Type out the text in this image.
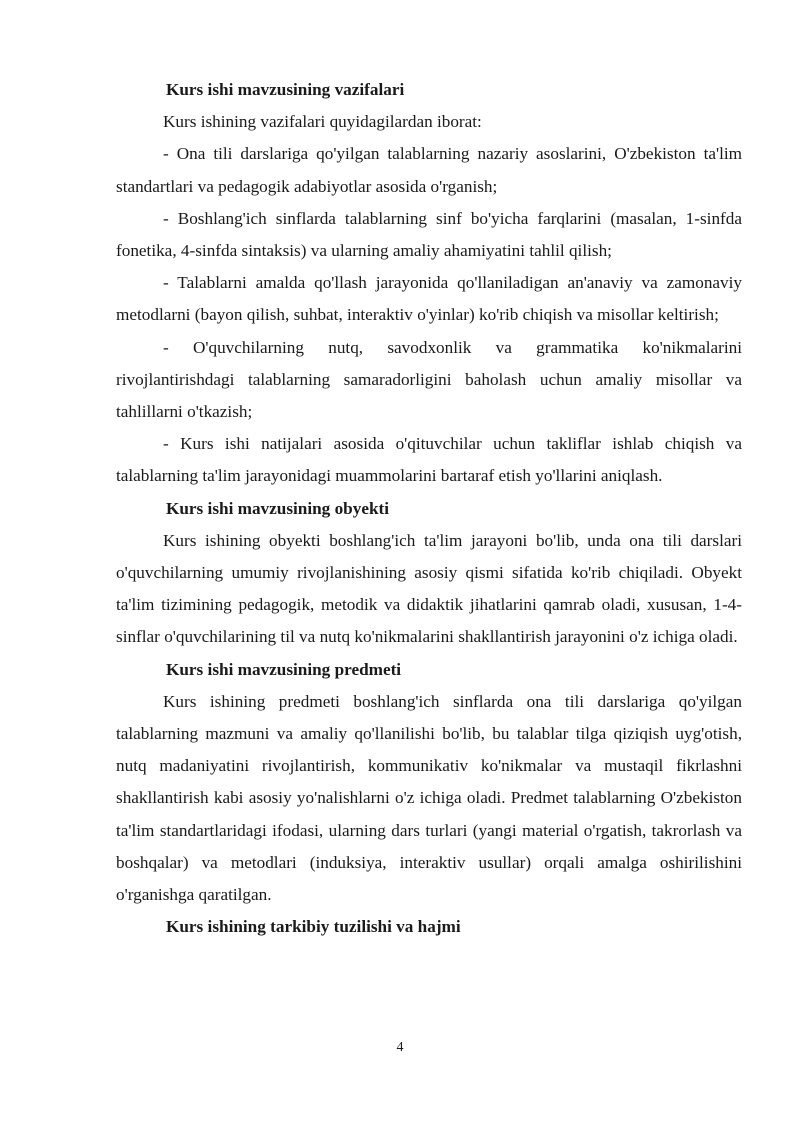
Kurs ishi mavzusining vazifalari

Kurs ishining vazifalari quyidagilardan iborat:

- Ona tili darslariga qo'yilgan talablarning nazariy asoslarini, O'zbekiston ta'lim standartlari va pedagogik adabiyotlar asosida o'rganish;

- Boshlang'ich sinflarda talablarning sinf bo'yicha farqlarini (masalan, 1-sinfda fonetika, 4-sinfda sintaksis) va ularning amaliy ahamiyatini tahlil qilish;

- Talablarni amalda qo'llash jarayonida qo'llaniladigan an'anaviy va zamonaviy metodlarni (bayon qilish, suhbat, interaktiv o'yinlar) ko'rib chiqish va misollar keltirish;

- O'quvchilarning nutq, savodxonlik va grammatika ko'nikmalarini rivojlantirishdagi talablarning samaradorligini baholash uchun amaliy misollar va tahlillarni o'tkazish;

- Kurs ishi natijalari asosida o'qituvchilar uchun takliflar ishlab chiqish va talablarning ta'lim jarayonidagi muammolarini bartaraf etish yo'llarini aniqlash.

Kurs ishi mavzusining obyekti

Kurs ishining obyekti boshlang'ich ta'lim jarayoni bo'lib, unda ona tili darslari o'quvchilarning umumiy rivojlanishining asosiy qismi sifatida ko'rib chiqiladi. Obyekt ta'lim tizimining pedagogik, metodik va didaktik jihatlarini qamrab oladi, xususan, 1-4-sinflar o'quvchilarining til va nutq ko'nikmalarini shakllantirish jarayonini o'z ichiga oladi.

Kurs ishi mavzusining predmeti

Kurs ishining predmeti boshlang'ich sinflarda ona tili darslariga qo'yilgan talablarning mazmuni va amaliy qo'llanilishi bo'lib, bu talablar tilga qiziqish uyg'otish, nutq madaniyatini rivojlantirish, kommunikativ ko'nikmalar va mustaqil fikrlashni shakllantirish kabi asosiy yo'nalishlarni o'z ichiga oladi. Predmet talablarning O'zbekiston ta'lim standartlaridagi ifodasi, ularning dars turlari (yangi material o'rgatish, takrorlash va boshqalar) va metodlari (induksiya, interaktiv usullar) orqali amalga oshirilishini o'rganishga qaratilgan.

Kurs ishining tarkibiy tuzilishi va hajmi
4
